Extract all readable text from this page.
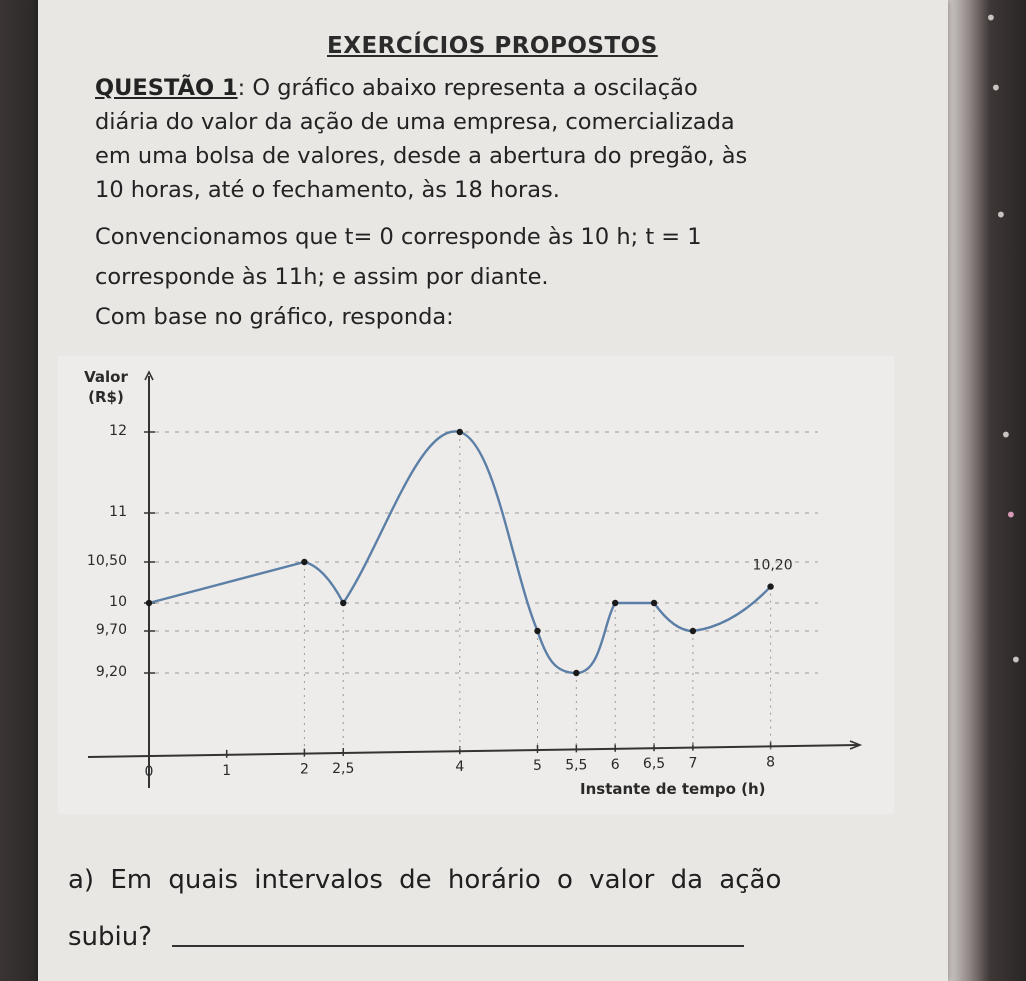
•
•
•
•
•
•
EXERCÍCIOS PROPOSTOS
QUESTÃO 1: O gráfico abaixo representa a oscilação
diária do valor da ação de uma empresa, comercializada
em uma bolsa de valores, desde a abertura do pregão, às
10 horas, até o fechamento, às 18 horas.
Convencionamos que t= 0 corresponde às 10 h; t = 1
corresponde às 11h; e assim por diante.
Com base no gráfico, responda:
Valor
(R$)
Instante de tempo (h)
12
11
10,50
10
9,70
9,20
0	1	2 2,5	4	5 5,5 6 6,5 7	8
10,20
a) Em quais intervalos de horário o valor da ação
subiu?
